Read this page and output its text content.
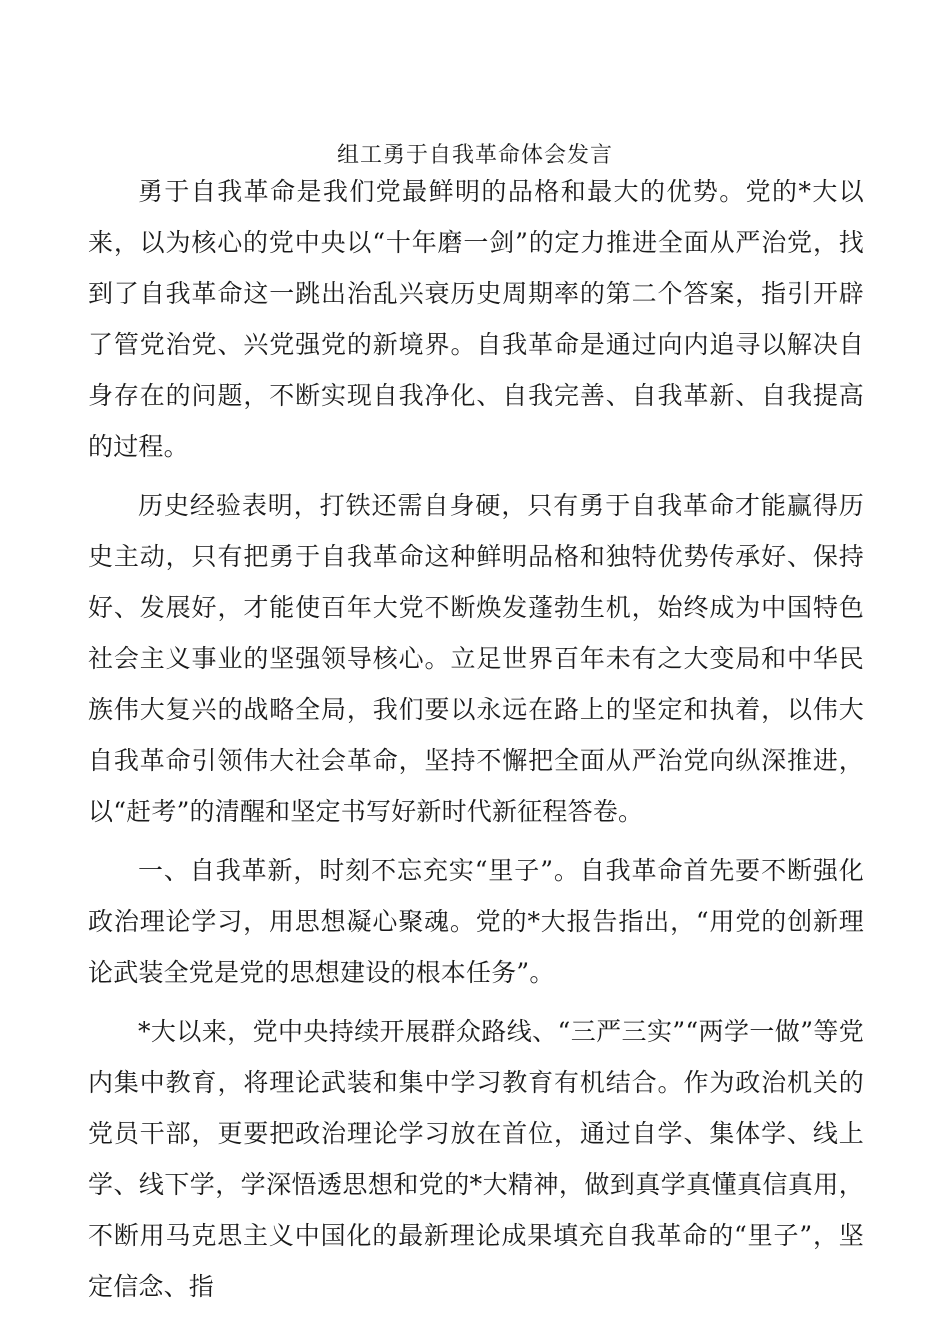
组工勇于自我革命体会发言

勇于自我革命是我们党最鲜明的品格和最大的优势。党的*大以来，以为核心的党中央以“十年磨一剑”的定力推进全面从严治党，找到了自我革命这一跳出治乱兴衰历史周期率的第二个答案，指引开辟了管党治党、兴党强党的新境界。自我革命是通过向内追寻以解决自身存在的问题，不断实现自我净化、自我完善、自我革新、自我提高的过程。

历史经验表明，打铁还需自身硬，只有勇于自我革命才能赢得历史主动，只有把勇于自我革命这种鲜明品格和独特优势传承好、保持好、发展好，才能使百年大党不断焕发蓬勃生机，始终成为中国特色社会主义事业的坚强领导核心。立足世界百年未有之大变局和中华民族伟大复兴的战略全局，我们要以永远在路上的坚定和执着，以伟大自我革命引领伟大社会革命，坚持不懈把全面从严治党向纵深推进，以“赶考”的清醒和坚定书写好新时代新征程答卷。

一、自我革新，时刻不忘充实“里子”。自我革命首先要不断强化政治理论学习，用思想凝心聚魂。党的*大报告指出，“用党的创新理论武装全党是党的思想建设的根本任务”。

*大以来，党中央持续开展群众路线、“三严三实”“两学一做”等党内集中教育，将理论武装和集中学习教育有机结合。作为政治机关的党员干部，更要把政治理论学习放在首位，通过自学、集体学、线上学、线下学，学深悟透思想和党的*大精神，做到真学真懂真信真用，不断用马克思主义中国化的最新理论成果填充自我革命的“里子”，坚定信念、指
